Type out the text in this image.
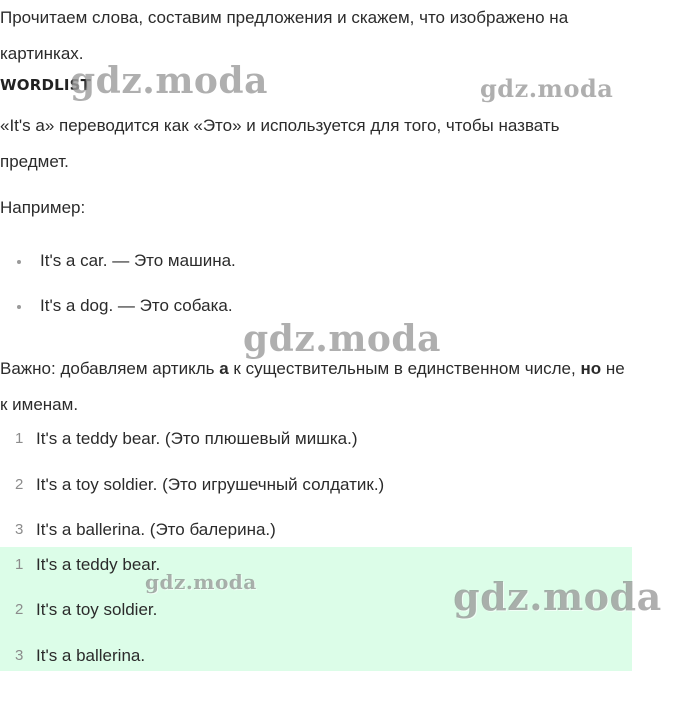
Прочитаем слова, составим предложения и скажем, что изображено на

картинках.

WORDLIST

«It's a» переводится как «Это» и используется для того, чтобы назвать

предмет.

Например:

It's a car. — Это машина.
It's a dog. — Это собака.

Важно: добавляем артикль a к существительным в единственном числе, но не

к именам.

1 It's a teddy bear. (Это плюшевый мишка.)
2 It's a toy soldier. (Это игрушечный солдатик.)
3 It's a ballerina. (Это балерина.)
1 It's a teddy bear.
2 It's a toy soldier.
3 It's a ballerina.
gdz.moda	gdz.moda
gdz.moda
gdz.moda	gdz.moda
